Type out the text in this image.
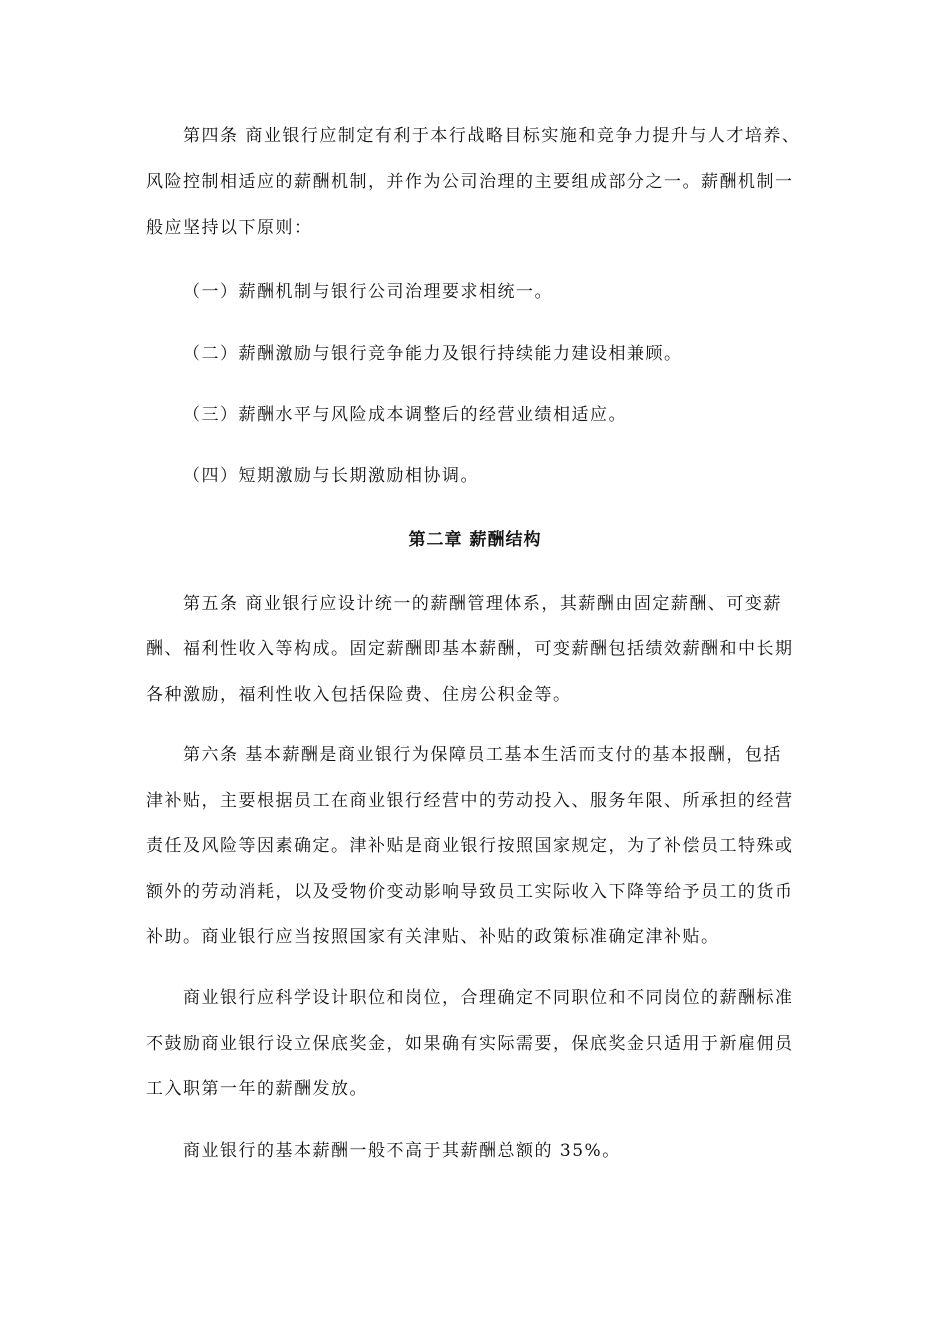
第四条 商业银行应制定有利于本行战略目标实施和竞争力提升与人才培养、
风险控制相适应的薪酬机制，并作为公司治理的主要组成部分之一。薪酬机制一
般应坚持以下原则：
（一）薪酬机制与银行公司治理要求相统一。
（二）薪酬激励与银行竞争能力及银行持续能力建设相兼顾。
（三）薪酬水平与风险成本调整后的经营业绩相适应。
（四）短期激励与长期激励相协调。
第二章 薪酬结构
第五条 商业银行应设计统一的薪酬管理体系，其薪酬由固定薪酬、可变薪
酬、福利性收入等构成。固定薪酬即基本薪酬，可变薪酬包括绩效薪酬和中长期
各种激励，福利性收入包括保险费、住房公积金等。
第六条 基本薪酬是商业银行为保障员工基本生活而支付的基本报酬，包括
津补贴，主要根据员工在商业银行经营中的劳动投入、服务年限、所承担的经营
责任及风险等因素确定。津补贴是商业银行按照国家规定，为了补偿员工特殊或
额外的劳动消耗，以及受物价变动影响导致员工实际收入下降等给予员工的货币
补助。商业银行应当按照国家有关津贴、补贴的政策标准确定津补贴。
商业银行应科学设计职位和岗位，合理确定不同职位和不同岗位的薪酬标准
不鼓励商业银行设立保底奖金，如果确有实际需要，保底奖金只适用于新雇佣员
工入职第一年的薪酬发放。
商业银行的基本薪酬一般不高于其薪酬总额的 35%。
